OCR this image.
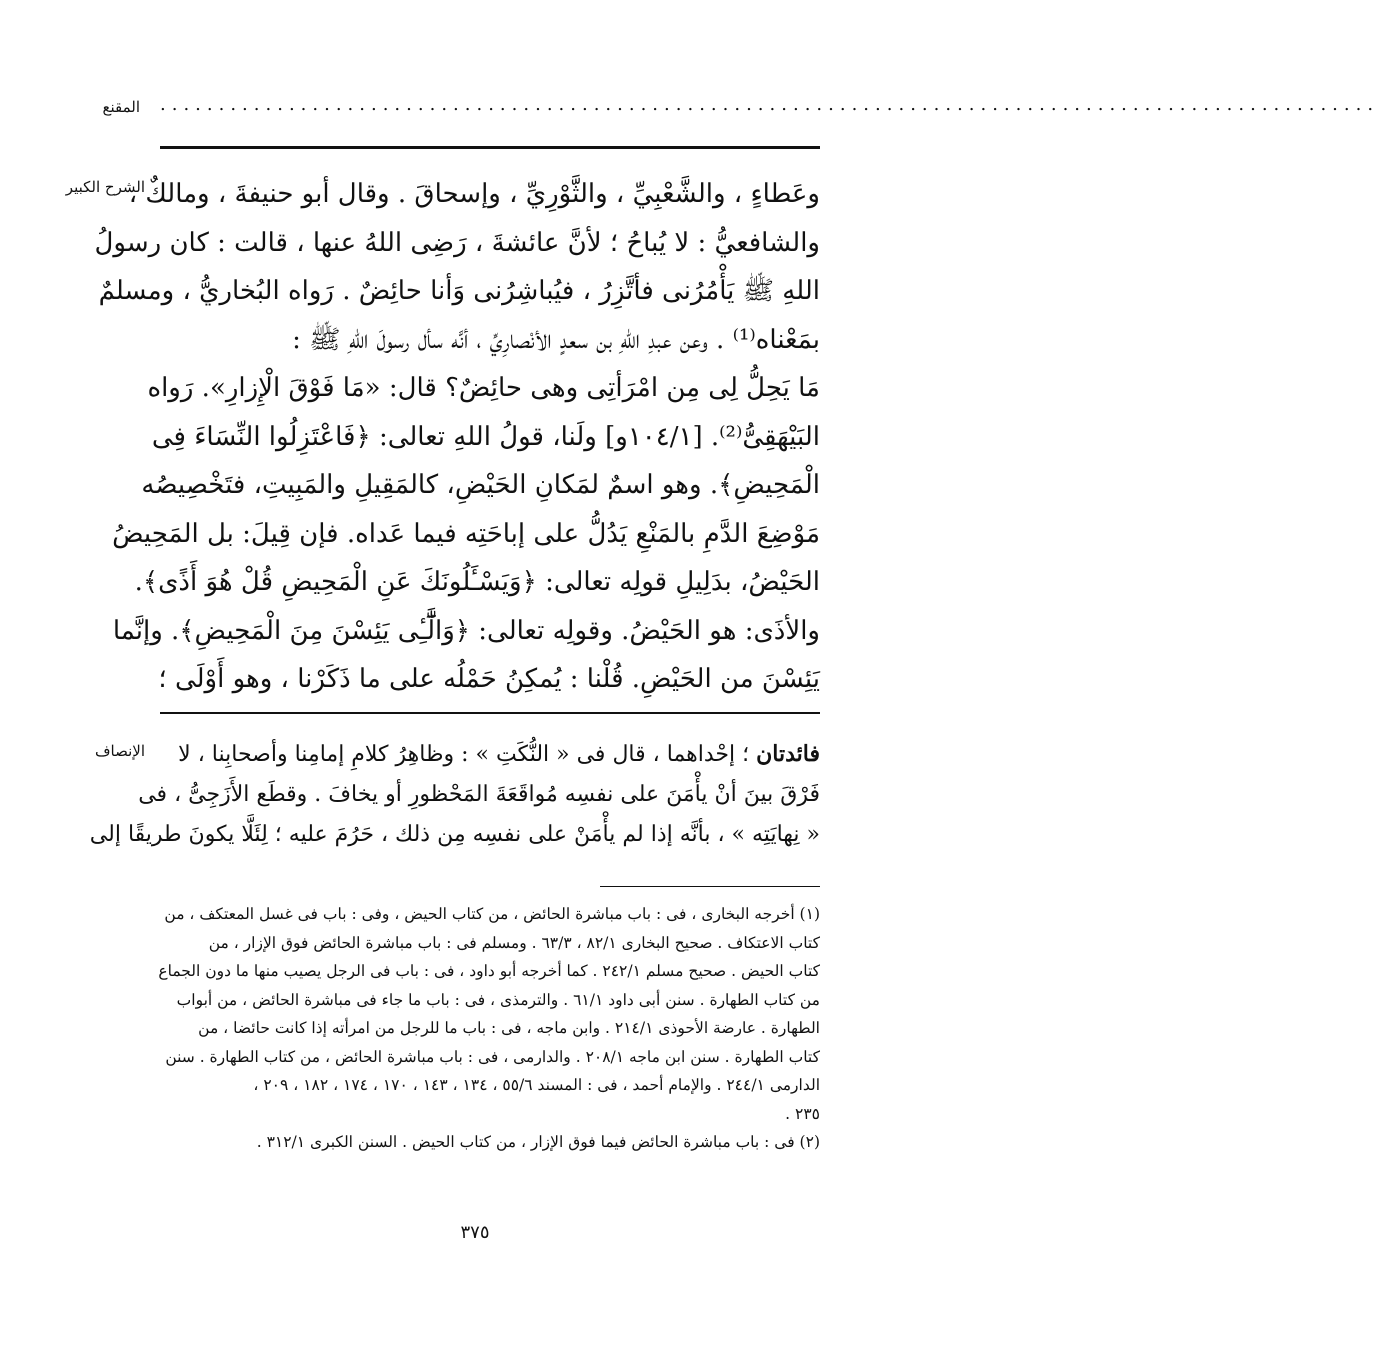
المقنع ........................................................................................................
الشرح الكبير
وعَطاءٍ ، والشَّعْبِيِّ ، والثَّوْرِيِّ ، وإسحاقَ . وقال أبو حنيفةَ ، ومالكٌ ،
والشافعيُّ : لا يُباحُ ؛ لأنَّ عائشةَ ، رَضِى اللهُ عنها ، قالت : كان رسولُ
اللهِ ﷺ يَأْمُرُنى فأتَّزِرُ ، فيُباشِرُنى وَأنا حائِضٌ . رَواه البُخاريُّ ، ومسلمٌ
بمَعْناه⁽¹⁾ . وعن عبدِ اللهِ بن سعدٍ الأنْصارِيِّ ، أنَّه سأل رسولَ اللهِ ﷺ :
مَا يَحِلُّ لِى مِن امْرَأتِى وهى حائِضٌ؟ قال: «مَا فَوْقَ الْإِزارِ». رَواه
البَيْهَقِىُّ⁽²⁾. [١٠٤/١و] ولَنا، قولُ اللهِ تعالى: ﴿فَاعْتَزِلُوا النِّسَاءَ فِى
الْمَحِيضِ﴾. وهو اسمٌ لمَكانِ الحَيْضِ، كالمَقِيلِ والمَبِيتِ، فتَخْصِيصُه
مَوْضِعَ الدَّمِ بالمَنْعِ يَدُلُّ على إباحَتِه فيما عَداه. فإن قِيلَ: بل المَحِيضُ
الحَيْضُ، بدَلِيلِ قولِه تعالى: ﴿وَيَسْـَٔلُونَكَ عَنِ الْمَحِيضِ قُلْ هُوَ أَذًى﴾.
والأذَى: هو الحَيْضُ. وقولِه تعالى: ﴿وَالَّٰٓـِٔى يَئِسْنَ مِنَ الْمَحِيضِ﴾. وإنَّما
يَئِسْنَ من الحَيْضِ. قُلْنا : يُمكِنُ حَمْلُه على ما ذَكَرْنا ، وهو أَوْلَى ؛
الإنصاف	فائدتان ؛ إحْداهما ، قال فى « النُّكَتِ » : وظاهِرُ كلامِ إمامِنا وأصحابِنا ، لا
فَرْقَ بينَ أنْ يأْمَنَ على نفسِه مُواقَعَةَ المَحْظورِ أو يخافَ . وقطَع الأَزَجِىُّ ، فى
« نِهايَتِه » ، بأنَّه إذا لم يأْمَنْ على نفسِه مِن ذلك ، حَرُمَ عليه ؛ لِئَلَّا يكونَ طريقًا إلى
(١) أخرجه البخارى ، فى : باب مباشرة الحائض ، من كتاب الحيض ، وفى : باب فى غسل المعتكف ، من
كتاب الاعتكاف . صحيح البخارى ٨٢/١ ، ٦٣/٣ . ومسلم فى : باب مباشرة الحائض فوق الإزار ، من
كتاب الحيض . صحيح مسلم ٢٤٢/١ . كما أخرجه أبو داود ، فى : باب فى الرجل يصيب منها ما دون الجماع
من كتاب الطهارة . سنن أبى داود ٦١/١ . والترمذى ، فى : باب ما جاء فى مباشرة الحائض ، من أبواب
الطهارة . عارضة الأحوذى ٢١٤/١ . وابن ماجه ، فى : باب ما للرجل من امرأته إذا كانت حائضا ، من
كتاب الطهارة . سنن ابن ماجه ٢٠٨/١ . والدارمى ، فى : باب مباشرة الحائض ، من كتاب الطهارة . سنن
الدارمى ٢٤٤/١ . والإمام أحمد ، فى : المسند ٥٥/٦ ، ١٣٤ ، ١٤٣ ، ١٧٠ ، ١٧٤ ، ١٨٢ ، ٢٠٩ ،
٢٣٥ .
(٢) فى : باب مباشرة الحائض فيما فوق الإزار ، من كتاب الحيض . السنن الكبرى ٣١٢/١ .
٣٧٥
